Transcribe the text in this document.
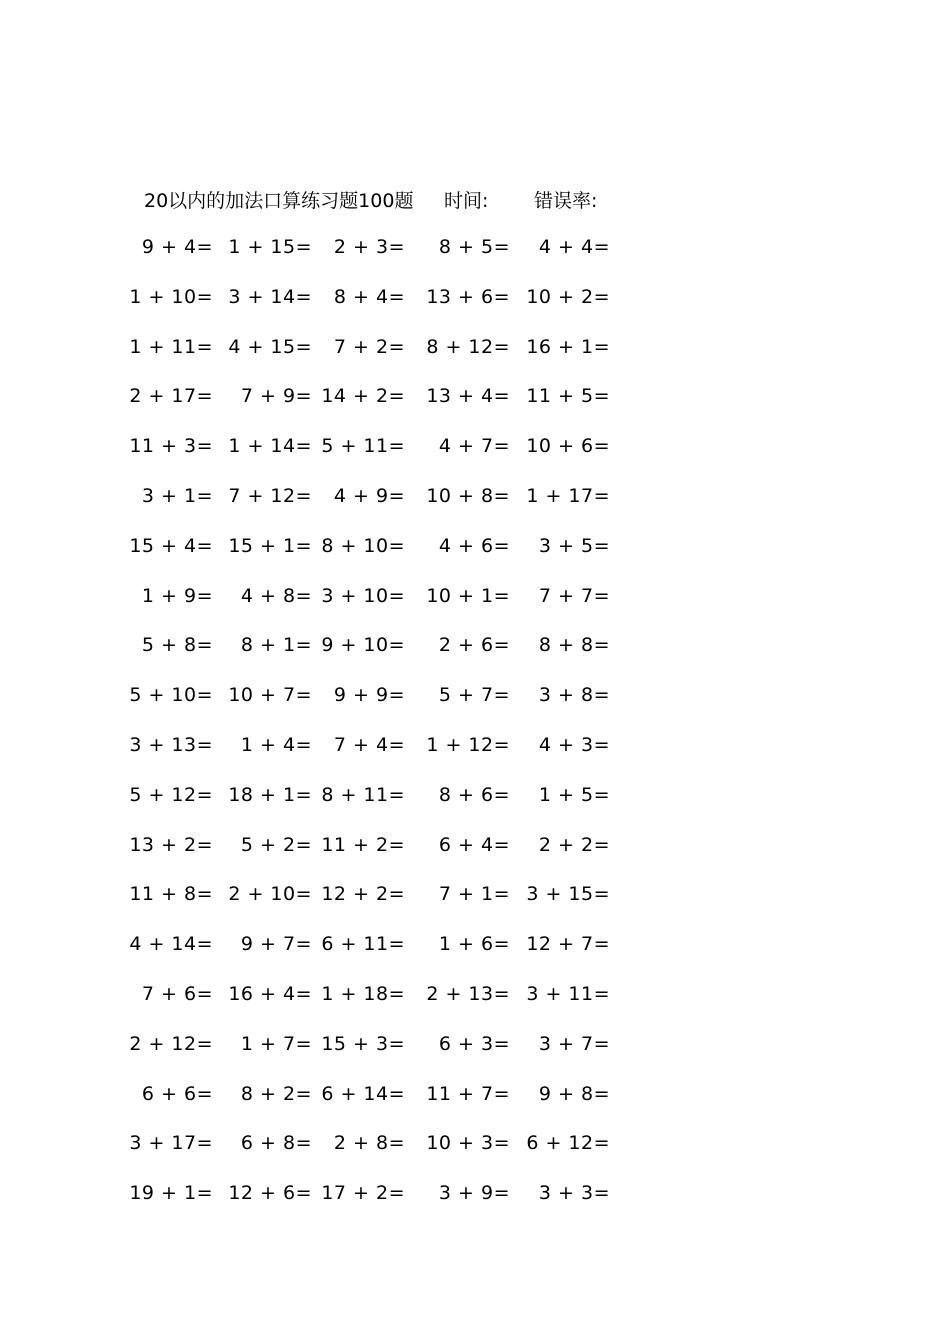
20以内的加法口算练习题100题 时间: 错误率:
9 + 4= 1 + 15= 2 + 3= 8 + 5= 4 + 4=
1 + 10= 3 + 14= 8 + 4= 13 + 6= 10 + 2=
1 + 11= 4 + 15= 7 + 2= 8 + 12= 16 + 1=
2 + 17= 7 + 9= 14 + 2= 13 + 4= 11 + 5=
11 + 3= 1 + 14= 5 + 11= 4 + 7= 10 + 6=
3 + 1= 7 + 12= 4 + 9= 10 + 8= 1 + 17=
15 + 4= 15 + 1= 8 + 10= 4 + 6= 3 + 5=
1 + 9= 4 + 8= 3 + 10= 10 + 1= 7 + 7=
5 + 8= 8 + 1= 9 + 10= 2 + 6= 8 + 8=
5 + 10= 10 + 7= 9 + 9= 5 + 7= 3 + 8=
3 + 13= 1 + 4= 7 + 4= 1 + 12= 4 + 3=
5 + 12= 18 + 1= 8 + 11= 8 + 6= 1 + 5=
13 + 2= 5 + 2= 11 + 2= 6 + 4= 2 + 2=
11 + 8= 2 + 10= 12 + 2= 7 + 1= 3 + 15=
4 + 14= 9 + 7= 6 + 11= 1 + 6= 12 + 7=
7 + 6= 16 + 4= 1 + 18= 2 + 13= 3 + 11=
2 + 12= 1 + 7= 15 + 3= 6 + 3= 3 + 7=
6 + 6= 8 + 2= 6 + 14= 11 + 7= 9 + 8=
3 + 17= 6 + 8= 2 + 8= 10 + 3= 6 + 12=
19 + 1= 12 + 6= 17 + 2= 3 + 9= 3 + 3=
